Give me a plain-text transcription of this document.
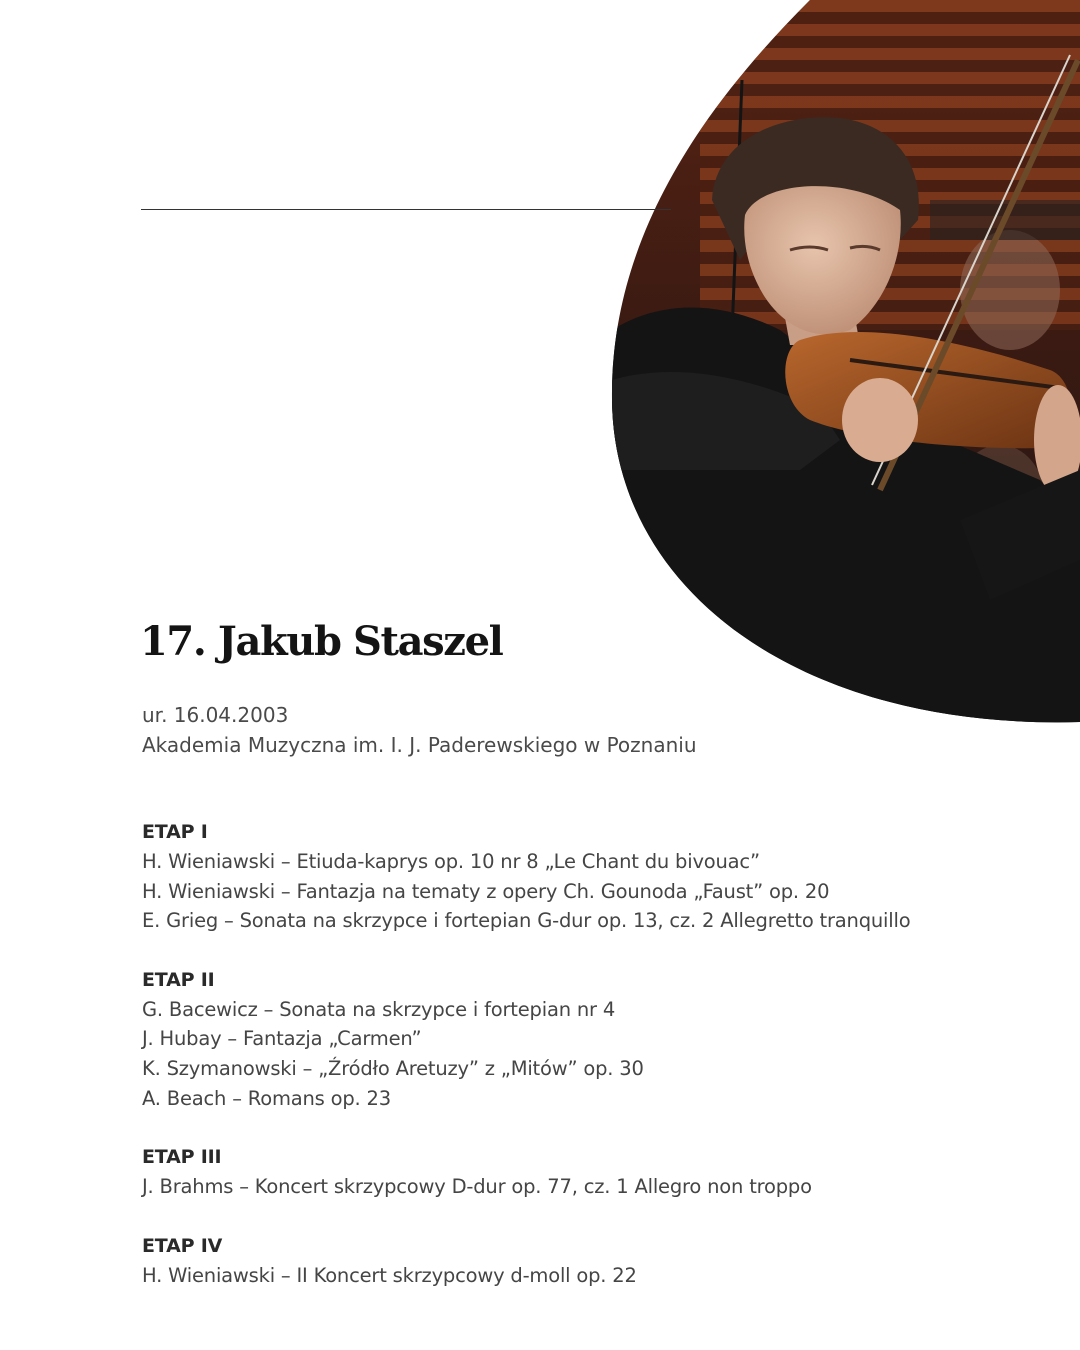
17. Jakub Staszel
ur. 16.04.2003
Akademia Muzyczna im. I. J. Paderewskiego w Poznaniu
ETAP I
H. Wieniawski – Etiuda-kaprys op. 10 nr 8 „Le Chant du bivouac”
H. Wieniawski – Fantazja na tematy z opery Ch. Gounoda „Faust” op. 20
E. Grieg – Sonata na skrzypce i fortepian G-dur op. 13, cz. 2 Allegretto tranquillo
ETAP II
G. Bacewicz – Sonata na skrzypce i fortepian nr 4
J. Hubay – Fantazja „Carmen”
K. Szymanowski – „Źródło Aretuzy” z „Mitów” op. 30
A. Beach – Romans op. 23
ETAP III
J. Brahms – Koncert skrzypcowy D-dur op. 77, cz. 1 Allegro non troppo
ETAP IV
H. Wieniawski – II Koncert skrzypcowy d-moll op. 22
